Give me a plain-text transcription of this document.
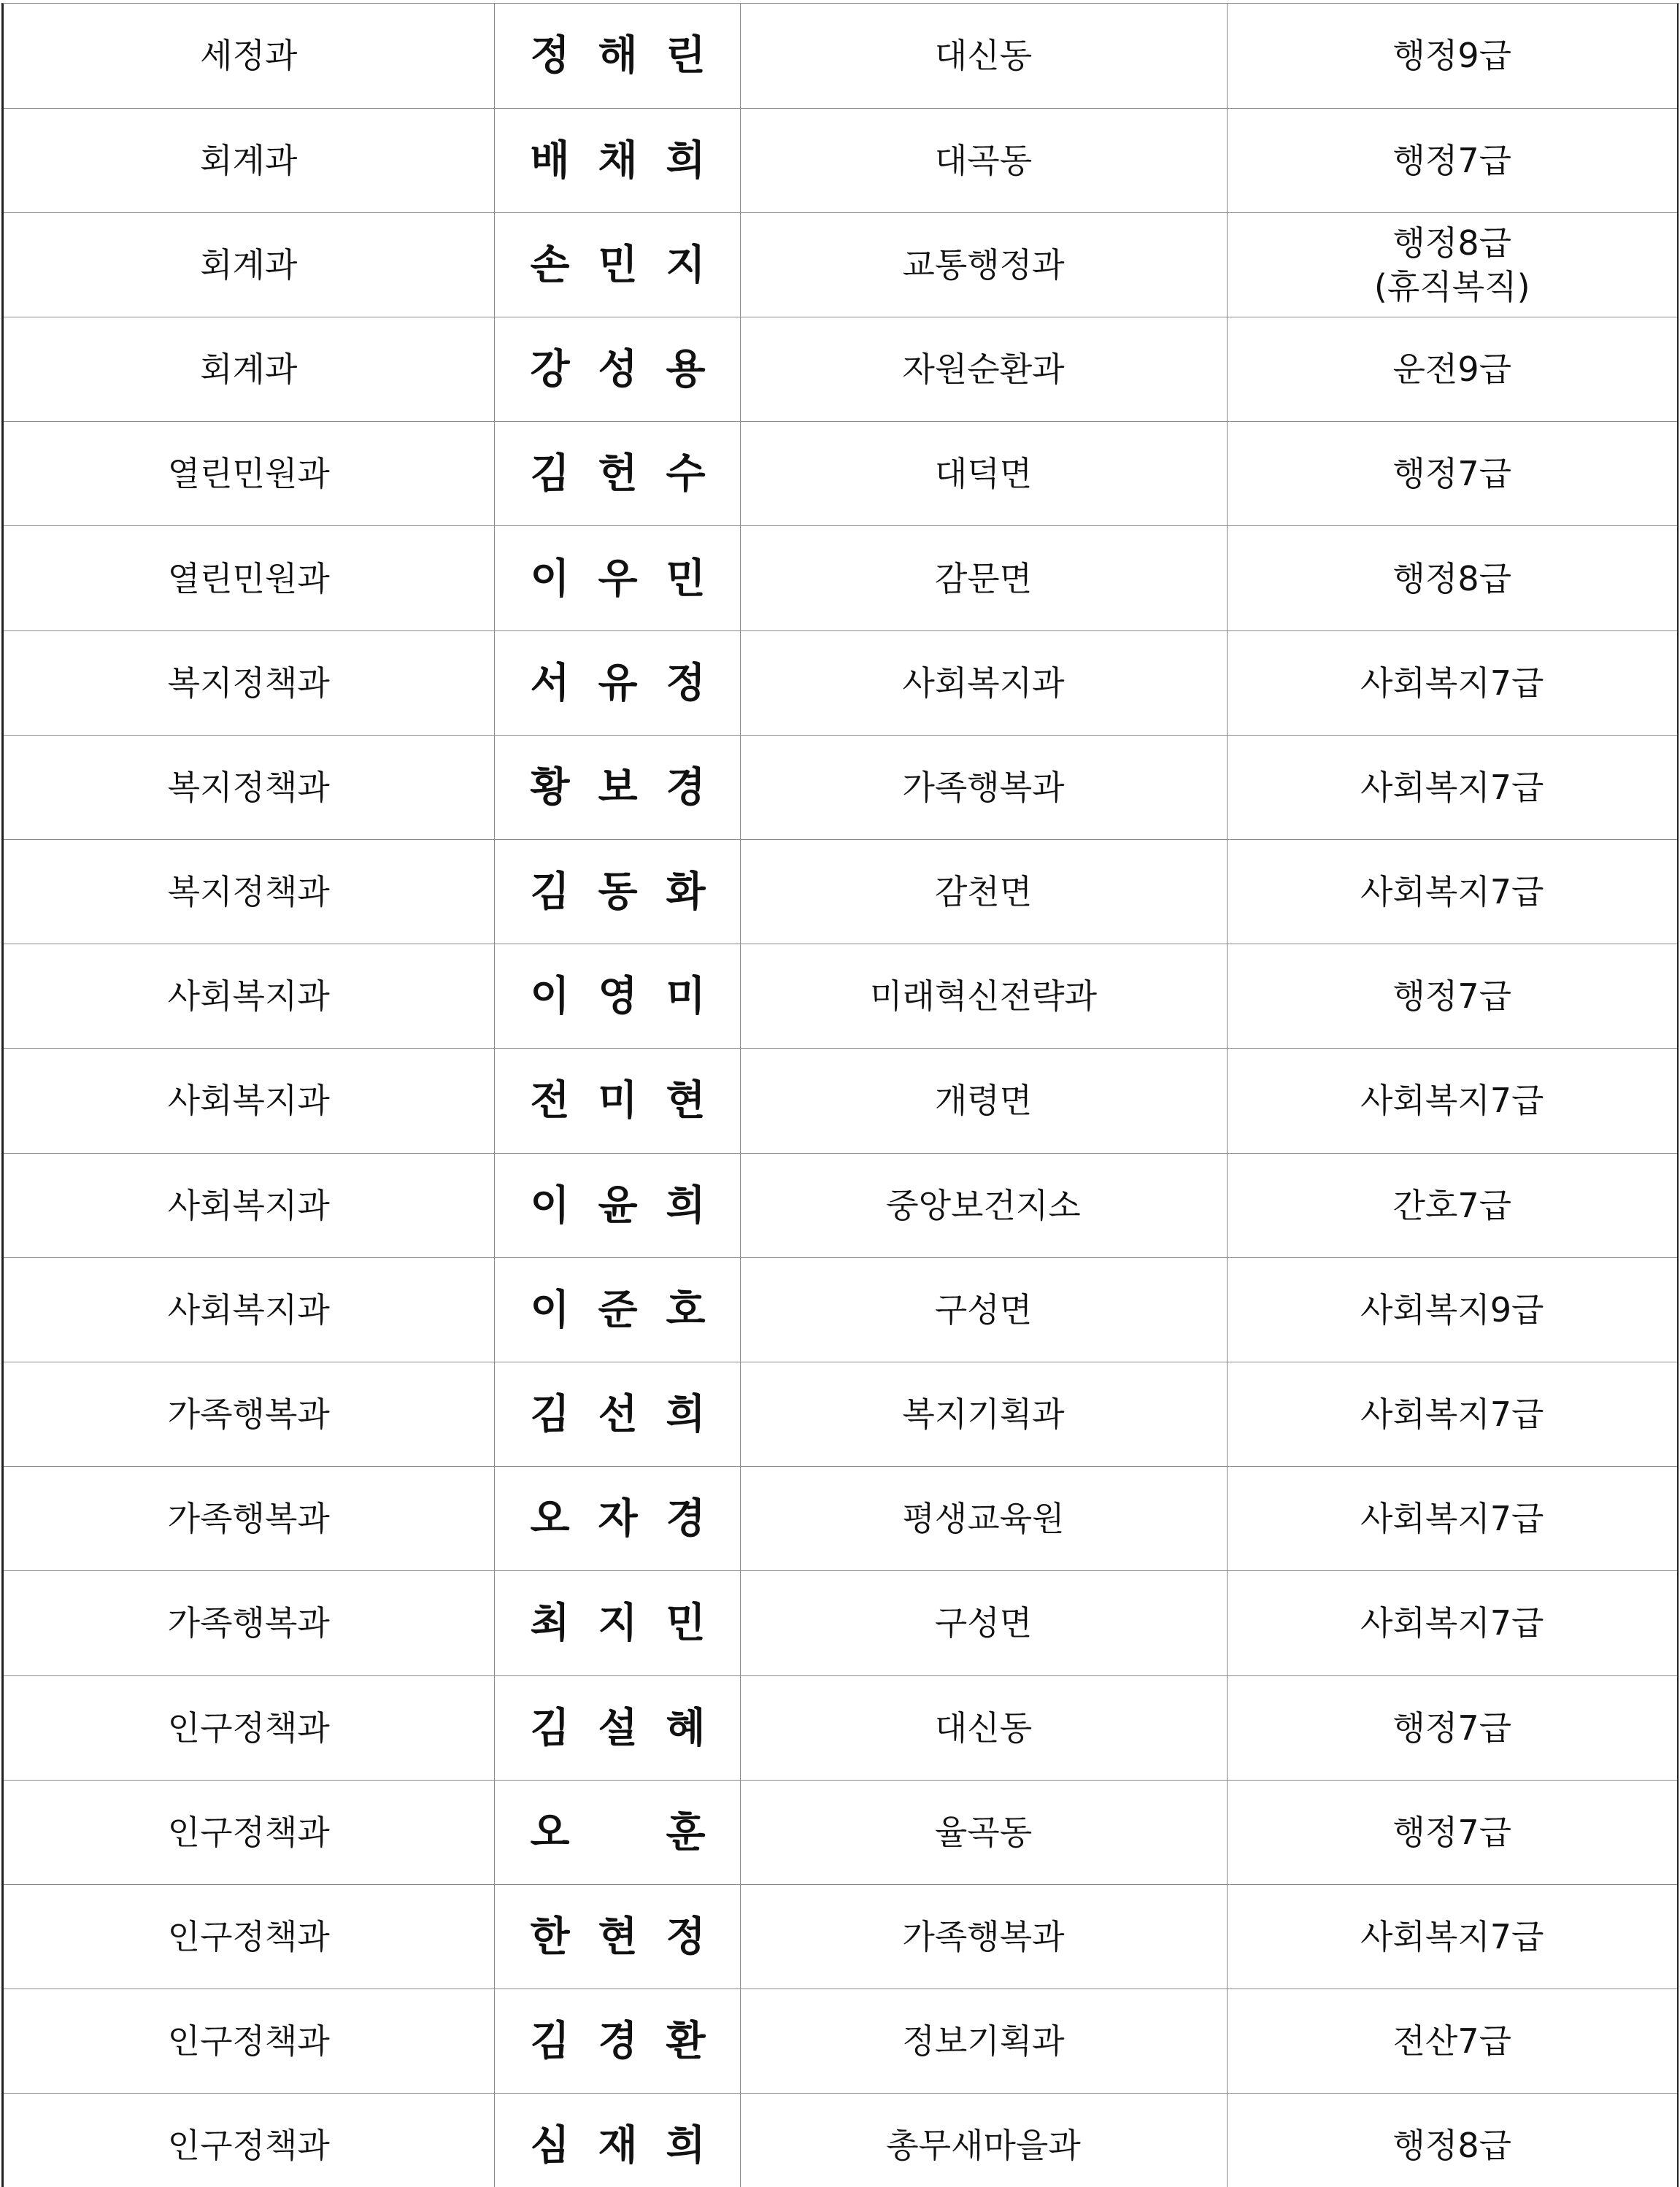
세정과	정 해 린	대신동	행정9급

회계과	배 채 희	대곡동	행정7급

회계과	손 민 지	교통행정과	행정8급
(휴직복직)

회계과	강 성 용	자원순환과	운전9급

열린민원과	김 헌 수	대덕면	행정7급

열린민원과	이 우 민	감문면	행정8급

복지정책과	서 유 정	사회복지과	사회복지7급

복지정책과	황 보 경	가족행복과	사회복지7급

복지정책과	김 동 화	감천면	사회복지7급

사회복지과	이 영 미	미래혁신전략과	행정7급

사회복지과	전 미 현	개령면	사회복지7급

사회복지과	이 윤 희	중앙보건지소	간호7급

사회복지과	이 준 호	구성면	사회복지9급

가족행복과	김 선 희	복지기획과	사회복지7급

가족행복과	오 자 경	평생교육원	사회복지7급

가족행복과	최 지 민	구성면	사회복지7급

인구정책과	김 설 혜	대신동	행정7급

인구정책과	오 훈	율곡동	행정7급

인구정책과	한 현 정	가족행복과	사회복지7급

인구정책과	김 경 환	정보기획과	전산7급

인구정책과	심 재 희	총무새마을과	행정8급
